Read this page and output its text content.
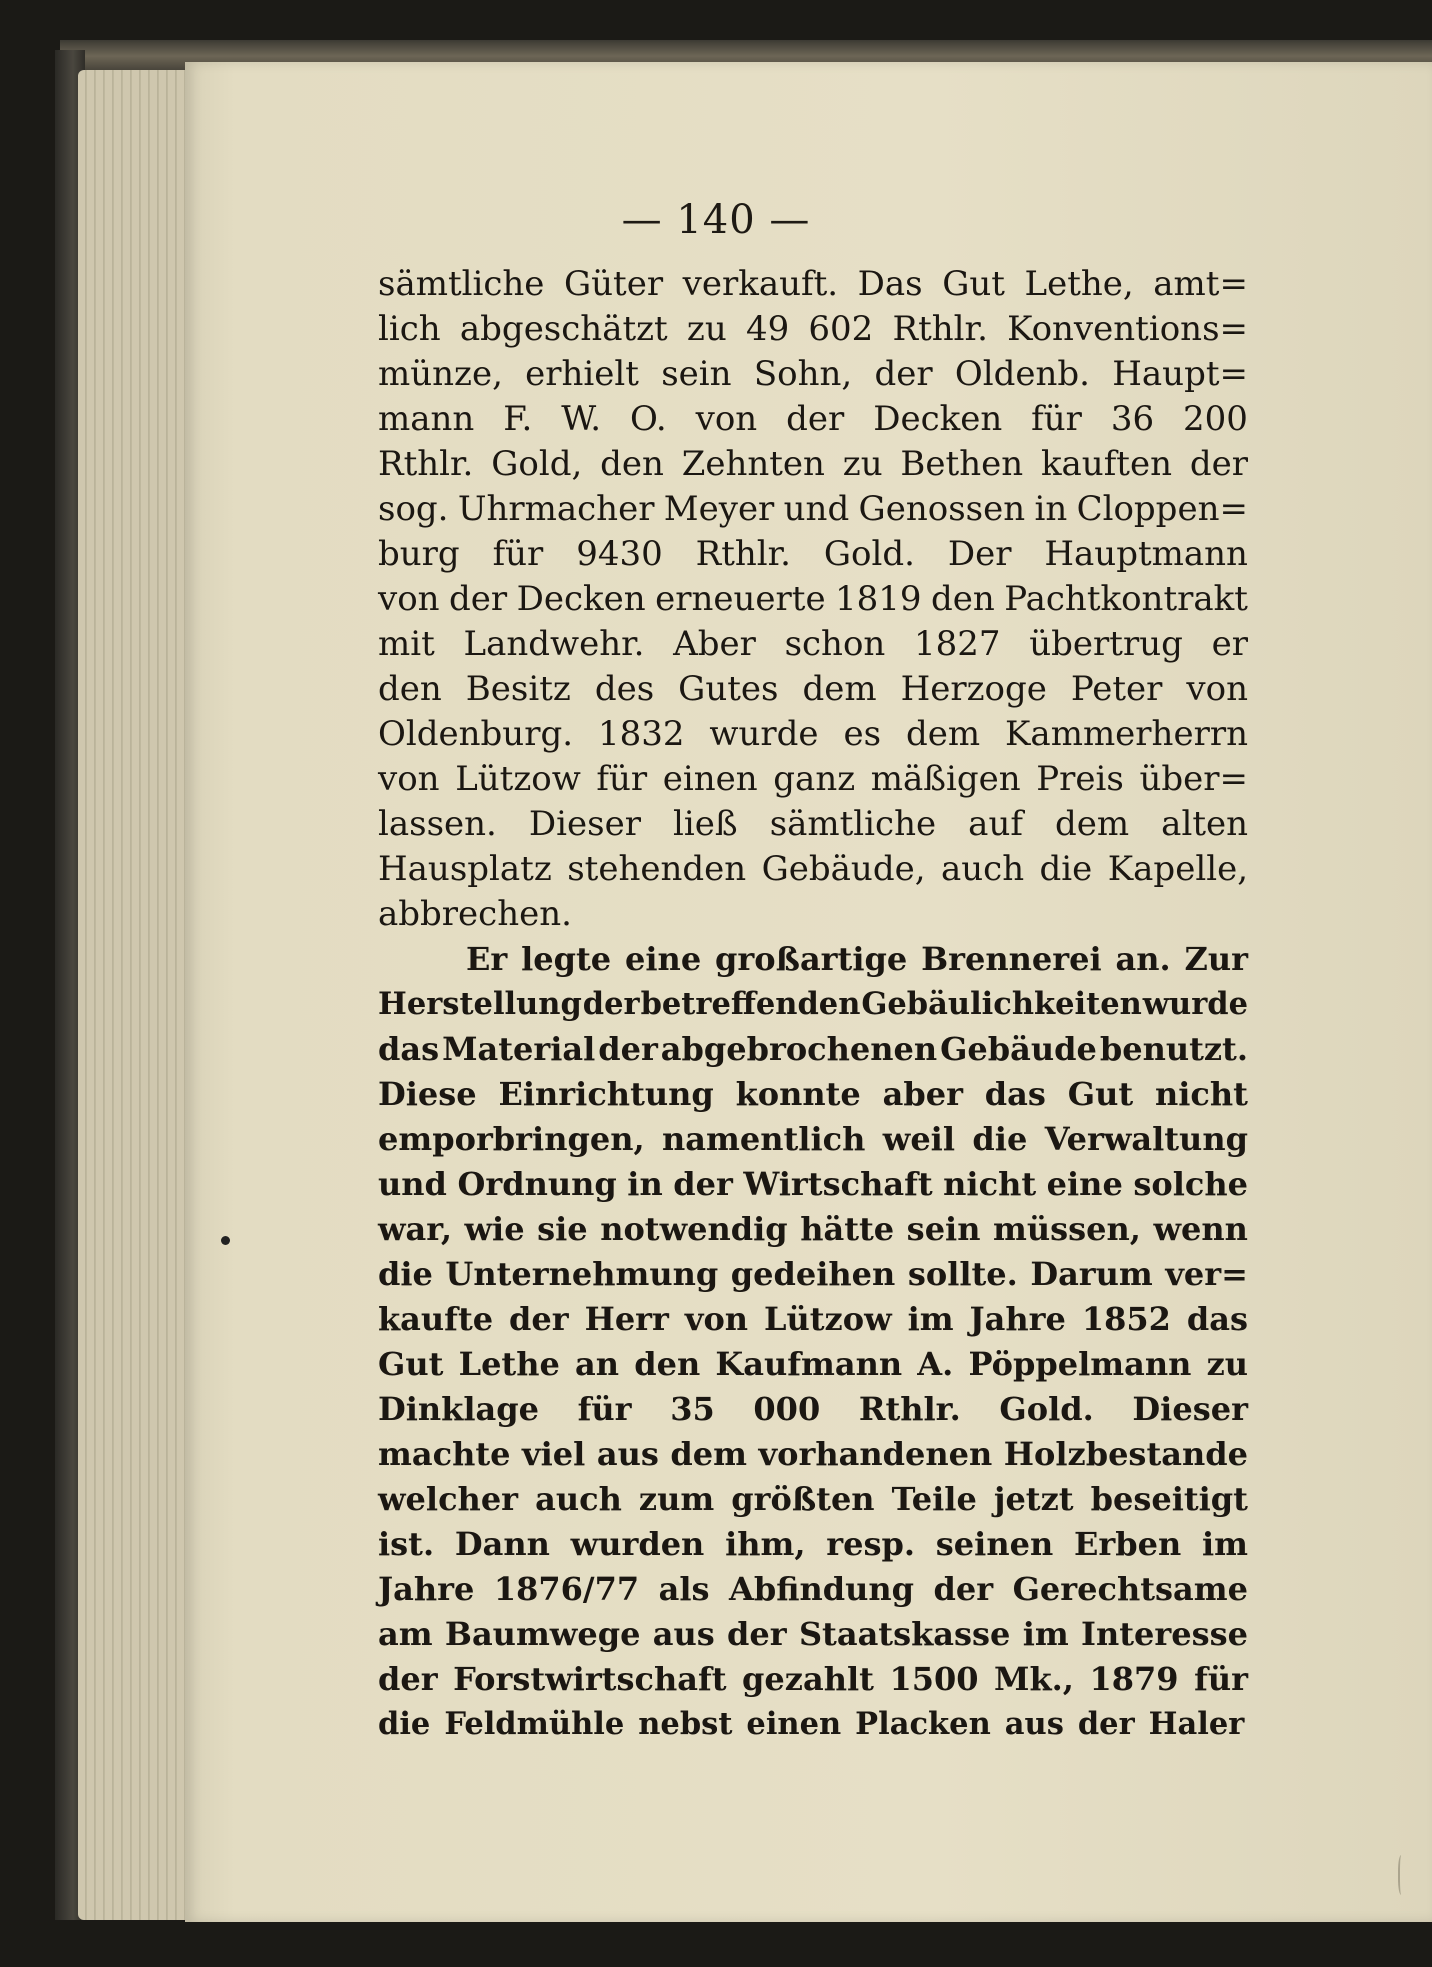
— 140 —
sämtliche Güter verkauft. Das Gut Lethe, amt=
lich abgeschätzt zu 49 602 Rthlr. Konventions=
münze, erhielt sein Sohn, der Oldenb. Haupt=
mann F. W. O. von der Decken für 36 200
Rthlr. Gold, den Zehnten zu Bethen kauften der
sog. Uhrmacher Meyer und Genossen in Cloppen=
burg für 9430 Rthlr. Gold. Der Hauptmann
von der Decken erneuerte 1819 den Pachtkontrakt
mit Landwehr. Aber schon 1827 übertrug er
den Besitz des Gutes dem Herzoge Peter von
Oldenburg. 1832 wurde es dem Kammerherrn
von Lützow für einen ganz mäßigen Preis über=
lassen. Dieser ließ sämtliche auf dem alten
Hausplatz stehenden Gebäude, auch die Kapelle,
abbrechen.
Er legte eine großartige Brennerei an. Zur
Herstellung der betreffenden Gebäulichkeiten wurde
das Material der abgebrochenen Gebäude benutzt.
Diese Einrichtung konnte aber das Gut nicht
emporbringen, namentlich weil die Verwaltung
und Ordnung in der Wirtschaft nicht eine solche
war, wie sie notwendig hätte sein müssen, wenn
die Unternehmung gedeihen sollte. Darum ver=
kaufte der Herr von Lützow im Jahre 1852 das
Gut Lethe an den Kaufmann A. Pöppelmann zu
Dinklage für 35 000 Rthlr. Gold. Dieser
machte viel aus dem vorhandenen Holzbestande
welcher auch zum größten Teile jetzt beseitigt
ist. Dann wurden ihm, resp. seinen Erben im
Jahre 1876/77 als Abfindung der Gerechtsame
am Baumwege aus der Staatskasse im Interesse
der Forstwirtschaft gezahlt 1500 Mk., 1879 für
die Feldmühle nebst einen Placken aus der Haler
